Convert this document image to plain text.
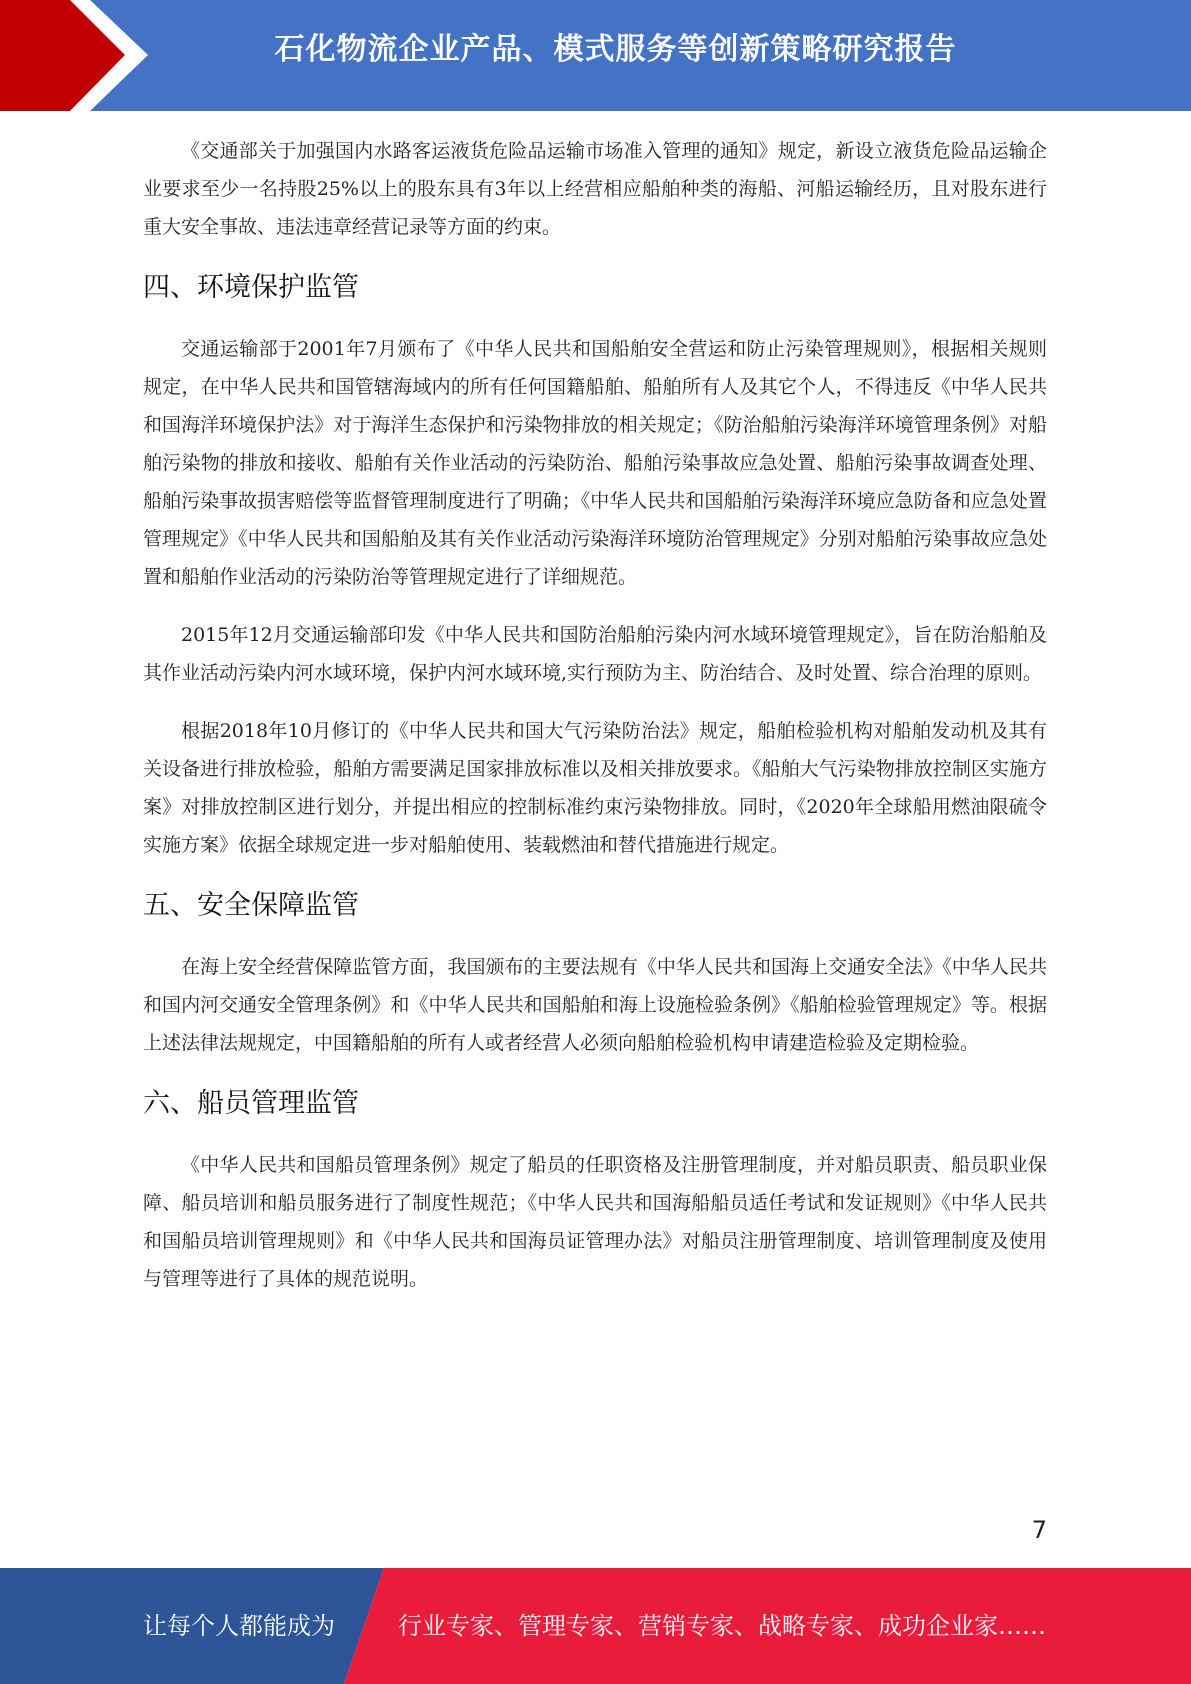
石化物流企业产品、模式服务等创新策略研究报告

《交通部关于加强国内水路客运液货危险品运输市场准入管理的通知》规定，新设立液货危险品运输企业要求至少一名持股25%以上的股东具有3年以上经营相应船舶种类的海船、河船运输经历，且对股东进行重大安全事故、违法违章经营记录等方面的约束。

四、环境保护监管

交通运输部于2001年7月颁布了《中华人民共和国船舶安全营运和防止污染管理规则》，根据相关规则规定，在中华人民共和国管辖海域内的所有任何国籍船舶、船舶所有人及其它个人，不得违反《中华人民共和国海洋环境保护法》对于海洋生态保护和污染物排放的相关规定；《防治船舶污染海洋环境管理条例》对船舶污染物的排放和接收、船舶有关作业活动的污染防治、船舶污染事故应急处置、船舶污染事故调查处理、船舶污染事故损害赔偿等监督管理制度进行了明确；《中华人民共和国船舶污染海洋环境应急防备和应急处置管理规定》《中华人民共和国船舶及其有关作业活动污染海洋环境防治管理规定》分别对船舶污染事故应急处置和船舶作业活动的污染防治等管理规定进行了详细规范。

2015年12月交通运输部印发《中华人民共和国防治船舶污染内河水域环境管理规定》，旨在防治船舶及其作业活动污染内河水域环境，保护内河水域环境,实行预防为主、防治结合、及时处置、综合治理的原则。

根据2018年10月修订的《中华人民共和国大气污染防治法》规定，船舶检验机构对船舶发动机及其有关设备进行排放检验，船舶方需要满足国家排放标准以及相关排放要求。《船舶大气污染物排放控制区实施方案》对排放控制区进行划分，并提出相应的控制标准约束污染物排放。同时，《2020年全球船用燃油限硫令实施方案》依据全球规定进一步对船舶使用、装载燃油和替代措施进行规定。

五、安全保障监管

在海上安全经营保障监管方面，我国颁布的主要法规有《中华人民共和国海上交通安全法》《中华人民共和国内河交通安全管理条例》和《中华人民共和国船舶和海上设施检验条例》《船舶检验管理规定》等。根据上述法律法规规定，中国籍船舶的所有人或者经营人必须向船舶检验机构申请建造检验及定期检验。

六、船员管理监管

《中华人民共和国船员管理条例》规定了船员的任职资格及注册管理制度，并对船员职责、船员职业保障、船员培训和船员服务进行了制度性规范；《中华人民共和国海船船员适任考试和发证规则》《中华人民共和国船员培训管理规则》和《中华人民共和国海员证管理办法》对船员注册管理制度、培训管理制度及使用与管理等进行了具体的规范说明。

7
让每个人都能成为	行业专家、管理专家、营销专家、战略专家、成功企业家……
